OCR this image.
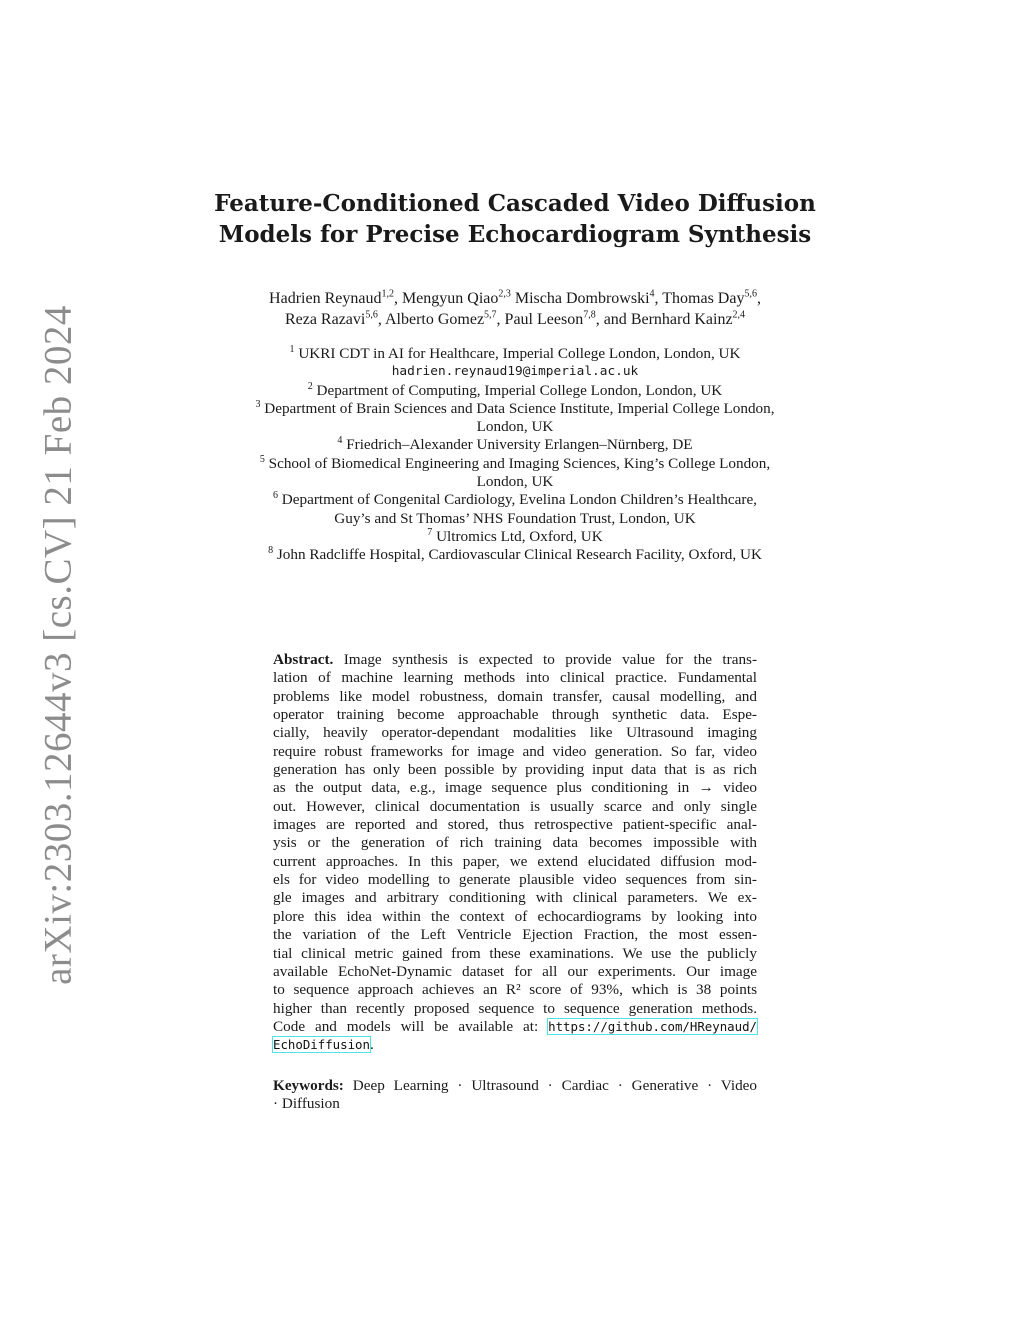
arXiv:2303.12644v3 [cs.CV] 21 Feb 2024
Feature-Conditioned Cascaded Video Diffusion
Models for Precise Echocardiogram Synthesis
Hadrien Reynaud$^{1,2}$, Mengyun Qiao$^{2,3}$ Mischa Dombrowski$^4$, Thomas Day$^{5,6}$,
Reza Razavi$^{5,6}$, Alberto Gomez$^{5,7}$, Paul Leeson$^{7,8}$, and Bernhard Kainz$^{2,4}$
$^1$ UKRI CDT in AI for Healthcare, Imperial College London, London, UK
hadrien.reynaud19@imperial.ac.uk
$^2$ Department of Computing, Imperial College London, London, UK
$^3$ Department of Brain Sciences and Data Science Institute, Imperial College London,
London, UK
$^4$ Friedrich–Alexander University Erlangen–Nürnberg, DE
$^5$ School of Biomedical Engineering and Imaging Sciences, King’s College London,
London, UK
$^6$ Department of Congenital Cardiology, Evelina London Children’s Healthcare,
Guy’s and St Thomas’ NHS Foundation Trust, London, UK
$^7$ Ultromics Ltd, Oxford, UK
$^8$ John Radcliffe Hospital, Cardiovascular Clinical Research Facility, Oxford, UK
Abstract. Image synthesis is expected to provide value for the trans-
lation of machine learning methods into clinical practice. Fundamental
problems like model robustness, domain transfer, causal modelling, and
operator training become approachable through synthetic data. Espe-
cially, heavily operator-dependant modalities like Ultrasound imaging
require robust frameworks for image and video generation. So far, video
generation has only been possible by providing input data that is as rich
as the output data, e.g., image sequence plus conditioning in → video
out. However, clinical documentation is usually scarce and only single
images are reported and stored, thus retrospective patient-specific anal-
ysis or the generation of rich training data becomes impossible with
current approaches. In this paper, we extend elucidated diffusion mod-
els for video modelling to generate plausible video sequences from sin-
gle images and arbitrary conditioning with clinical parameters. We ex-
plore this idea within the context of echocardiograms by looking into
the variation of the Left Ventricle Ejection Fraction, the most essen-
tial clinical metric gained from these examinations. We use the publicly
available EchoNet-Dynamic dataset for all our experiments. Our image
to sequence approach achieves an R² score of 93%, which is 38 points
higher than recently proposed sequence to sequence generation methods.
Code and models will be available at: https://github.com/HReynaud/
EchoDiffusion.
Keywords: Deep Learning · Ultrasound · Cardiac · Generative · Video
· Diffusion
